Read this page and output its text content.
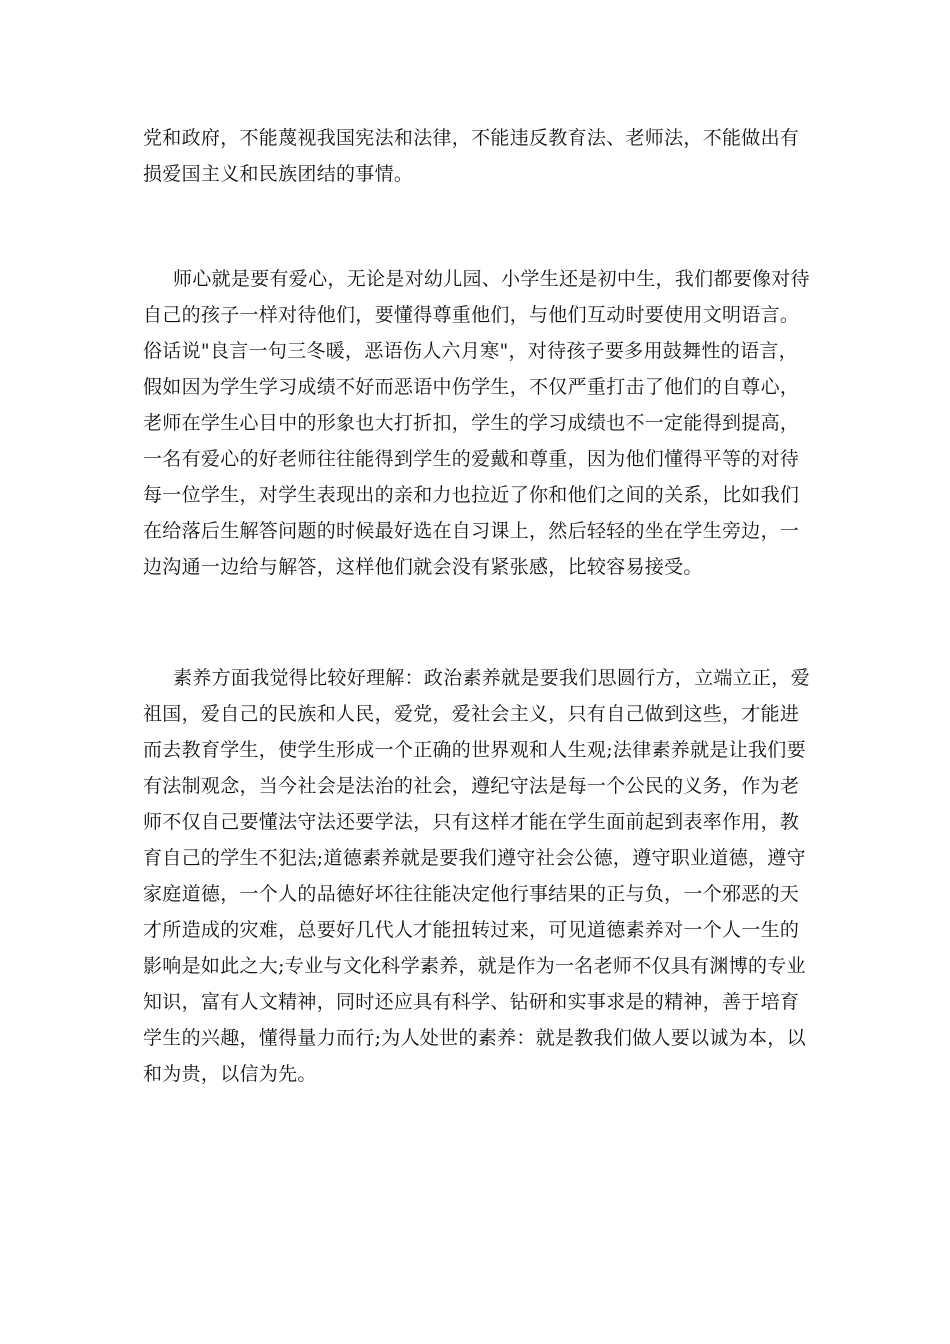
党和政府，不能蔑视我国宪法和法律，不能违反教育法、老师法，不能做出有
损爱国主义和民族团结的事情。
师心就是要有爱心，无论是对幼儿园、小学生还是初中生，我们都要像对待
自己的孩子一样对待他们，要懂得尊重他们，与他们互动时要使用文明语言。
俗话说"良言一句三冬暖，恶语伤人六月寒"，对待孩子要多用鼓舞性的语言，
假如因为学生学习成绩不好而恶语中伤学生，不仅严重打击了他们的自尊心，
老师在学生心目中的形象也大打折扣，学生的学习成绩也不一定能得到提高，
一名有爱心的好老师往往能得到学生的爱戴和尊重，因为他们懂得平等的对待
每一位学生，对学生表现出的亲和力也拉近了你和他们之间的关系，比如我们
在给落后生解答问题的时候最好选在自习课上，然后轻轻的坐在学生旁边，一
边沟通一边给与解答，这样他们就会没有紧张感，比较容易接受。
素养方面我觉得比较好理解：政治素养就是要我们思圆行方，立端立正，爱
祖国，爱自己的民族和人民，爱党，爱社会主义，只有自己做到这些，才能进
而去教育学生，使学生形成一个正确的世界观和人生观;法律素养就是让我们要
有法制观念，当今社会是法治的社会，遵纪守法是每一个公民的义务，作为老
师不仅自己要懂法守法还要学法，只有这样才能在学生面前起到表率作用，教
育自己的学生不犯法;道德素养就是要我们遵守社会公德，遵守职业道德，遵守
家庭道德，一个人的品德好坏往往能决定他行事结果的正与负，一个邪恶的天
才所造成的灾难，总要好几代人才能扭转过来，可见道德素养对一个人一生的
影响是如此之大;专业与文化科学素养，就是作为一名老师不仅具有渊博的专业
知识，富有人文精神，同时还应具有科学、钻研和实事求是的精神，善于培育
学生的兴趣，懂得量力而行;为人处世的素养：就是教我们做人要以诚为本，以
和为贵，以信为先。
